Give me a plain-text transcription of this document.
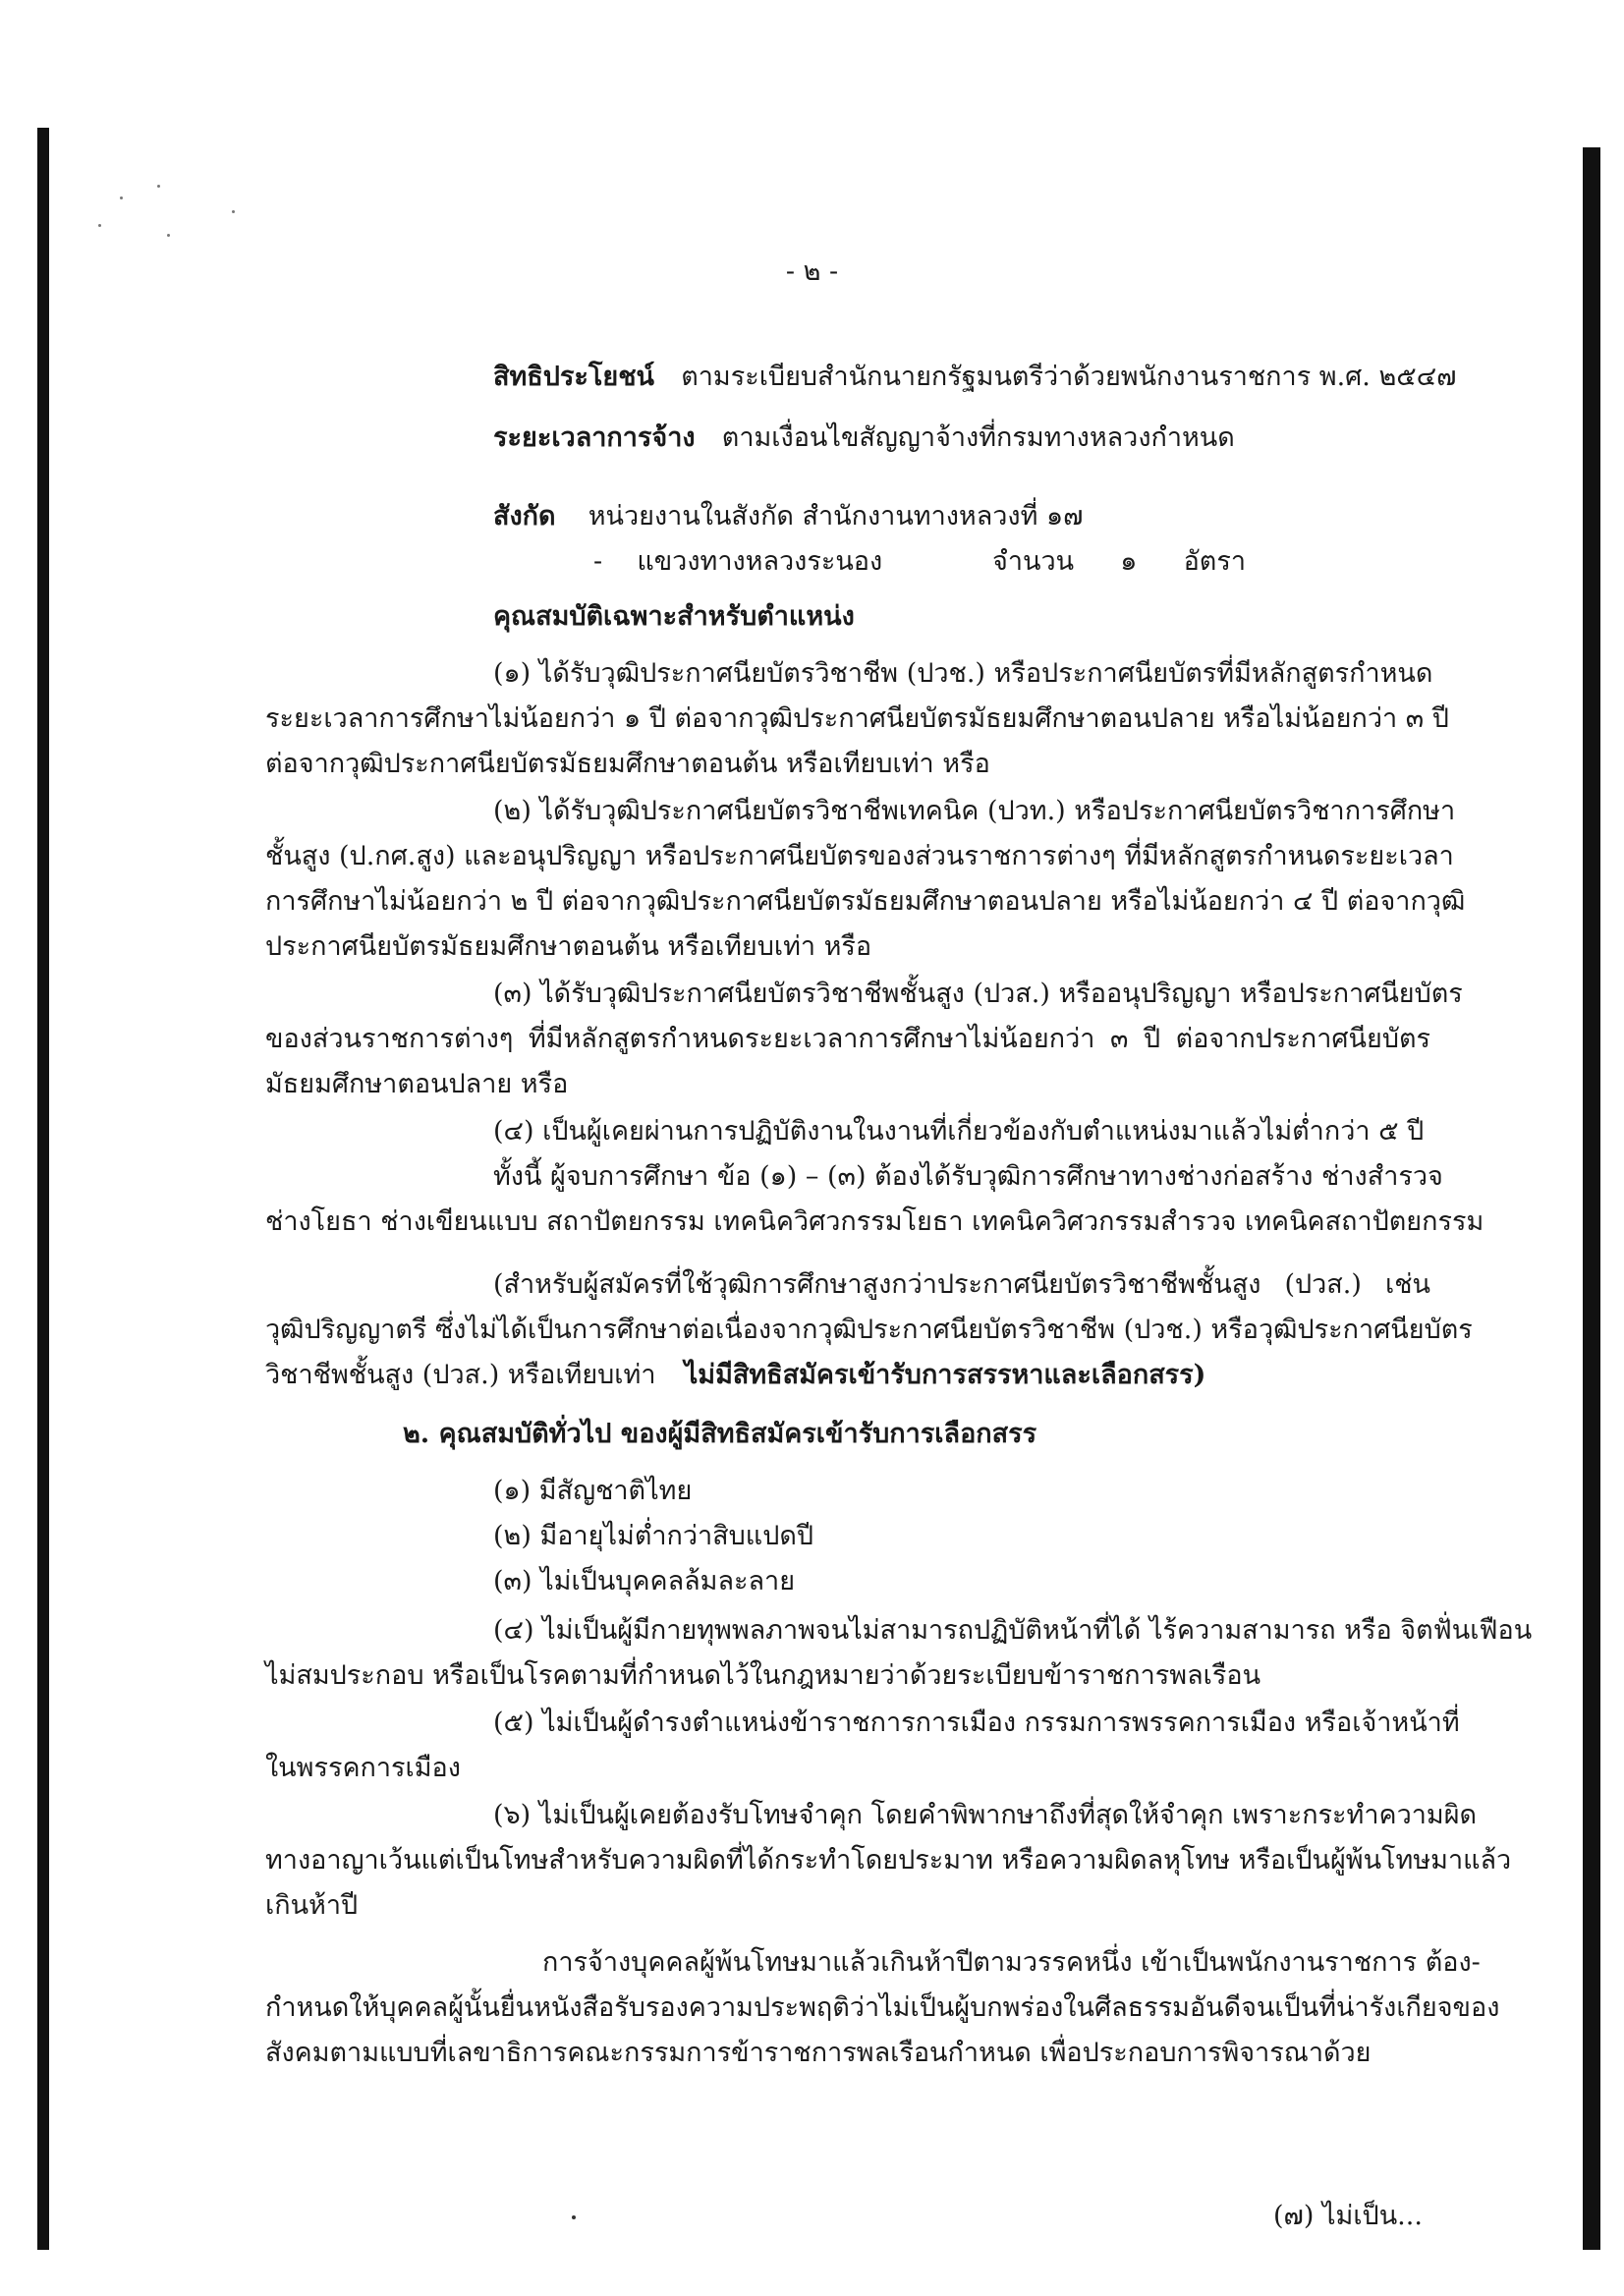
- ๒ -
สิทธิประโยชน์ ตามระเบียบสำนักนายกรัฐมนตรีว่าด้วยพนักงานราชการ พ.ศ. ๒๕๔๗
ระยะเวลาการจ้าง ตามเงื่อนไขสัญญาจ้างที่กรมทางหลวงกำหนด
สังกัด หน่วยงานในสังกัด สำนักงานทางหลวงที่ ๑๗
- แขวงทางหลวงระนอง	จำนวน ๑ อัตรา
คุณสมบัติเฉพาะสำหรับตำแหน่ง
(๑) ได้รับวุฒิประกาศนียบัตรวิชาชีพ (ปวช.) หรือประกาศนียบัตรที่มีหลักสูตรกำหนด
ระยะเวลาการศึกษาไม่น้อยกว่า ๑ ปี ต่อจากวุฒิประกาศนียบัตรมัธยมศึกษาตอนปลาย หรือไม่น้อยกว่า ๓ ปี
ต่อจากวุฒิประกาศนียบัตรมัธยมศึกษาตอนต้น หรือเทียบเท่า หรือ
(๒) ได้รับวุฒิประกาศนียบัตรวิชาชีพเทคนิค (ปวท.) หรือประกาศนียบัตรวิชาการศึกษา
ชั้นสูง (ป.กศ.สูง) และอนุปริญญา หรือประกาศนียบัตรของส่วนราชการต่างๆ ที่มีหลักสูตรกำหนดระยะเวลา
การศึกษาไม่น้อยกว่า ๒ ปี ต่อจากวุฒิประกาศนียบัตรมัธยมศึกษาตอนปลาย หรือไม่น้อยกว่า ๔ ปี ต่อจากวุฒิ
ประกาศนียบัตรมัธยมศึกษาตอนต้น หรือเทียบเท่า หรือ
(๓) ได้รับวุฒิประกาศนียบัตรวิชาชีพชั้นสูง (ปวส.) หรืออนุปริญญา หรือประกาศนียบัตร
ของส่วนราชการต่างๆ ที่มีหลักสูตรกำหนดระยะเวลาการศึกษาไม่น้อยกว่า ๓ ปี ต่อจากประกาศนียบัตร
มัธยมศึกษาตอนปลาย หรือ
(๔) เป็นผู้เคยผ่านการปฏิบัติงานในงานที่เกี่ยวข้องกับตำแหน่งมาแล้วไม่ต่ำกว่า ๕ ปี
ทั้งนี้ ผู้จบการศึกษา ข้อ (๑) – (๓) ต้องได้รับวุฒิการศึกษาทางช่างก่อสร้าง ช่างสำรวจ
ช่างโยธา ช่างเขียนแบบ สถาปัตยกรรม เทคนิควิศวกรรมโยธา เทคนิควิศวกรรมสำรวจ เทคนิคสถาปัตยกรรม
(สำหรับผู้สมัครที่ใช้วุฒิการศึกษาสูงกว่าประกาศนียบัตรวิชาชีพชั้นสูง (ปวส.) เช่น
วุฒิปริญญาตรี ซึ่งไม่ได้เป็นการศึกษาต่อเนื่องจากวุฒิประกาศนียบัตรวิชาชีพ (ปวช.) หรือวุฒิประกาศนียบัตร
วิชาชีพชั้นสูง (ปวส.) หรือเทียบเท่า ไม่มีสิทธิสมัครเข้ารับการสรรหาและเลือกสรร)
๒. คุณสมบัติทั่วไป ของผู้มีสิทธิสมัครเข้ารับการเลือกสรร
(๑) มีสัญชาติไทย
(๒) มีอายุไม่ต่ำกว่าสิบแปดปี
(๓) ไม่เป็นบุคคลล้มละลาย
(๔) ไม่เป็นผู้มีกายทุพพลภาพจนไม่สามารถปฏิบัติหน้าที่ได้ ไร้ความสามารถ หรือ จิตฟั่นเฟือน
ไม่สมประกอบ หรือเป็นโรคตามที่กำหนดไว้ในกฎหมายว่าด้วยระเบียบข้าราชการพลเรือน
(๕) ไม่เป็นผู้ดำรงตำแหน่งข้าราชการการเมือง กรรมการพรรคการเมือง หรือเจ้าหน้าที่
ในพรรคการเมือง
(๖) ไม่เป็นผู้เคยต้องรับโทษจำคุก โดยคำพิพากษาถึงที่สุดให้จำคุก เพราะกระทำความผิด
ทางอาญาเว้นแต่เป็นโทษสำหรับความผิดที่ได้กระทำโดยประมาท หรือความผิดลหุโทษ หรือเป็นผู้พ้นโทษมาแล้ว
เกินห้าปี
การจ้างบุคคลผู้พ้นโทษมาแล้วเกินห้าปีตามวรรคหนึ่ง เข้าเป็นพนักงานราชการ ต้อง-
กำหนดให้บุคคลผู้นั้นยื่นหนังสือรับรองความประพฤติว่าไม่เป็นผู้บกพร่องในศีลธรรมอันดีจนเป็นที่น่ารังเกียจของ
สังคมตามแบบที่เลขาธิการคณะกรรมการข้าราชการพลเรือนกำหนด เพื่อประกอบการพิจารณาด้วย
(๗) ไม่เป็น...
